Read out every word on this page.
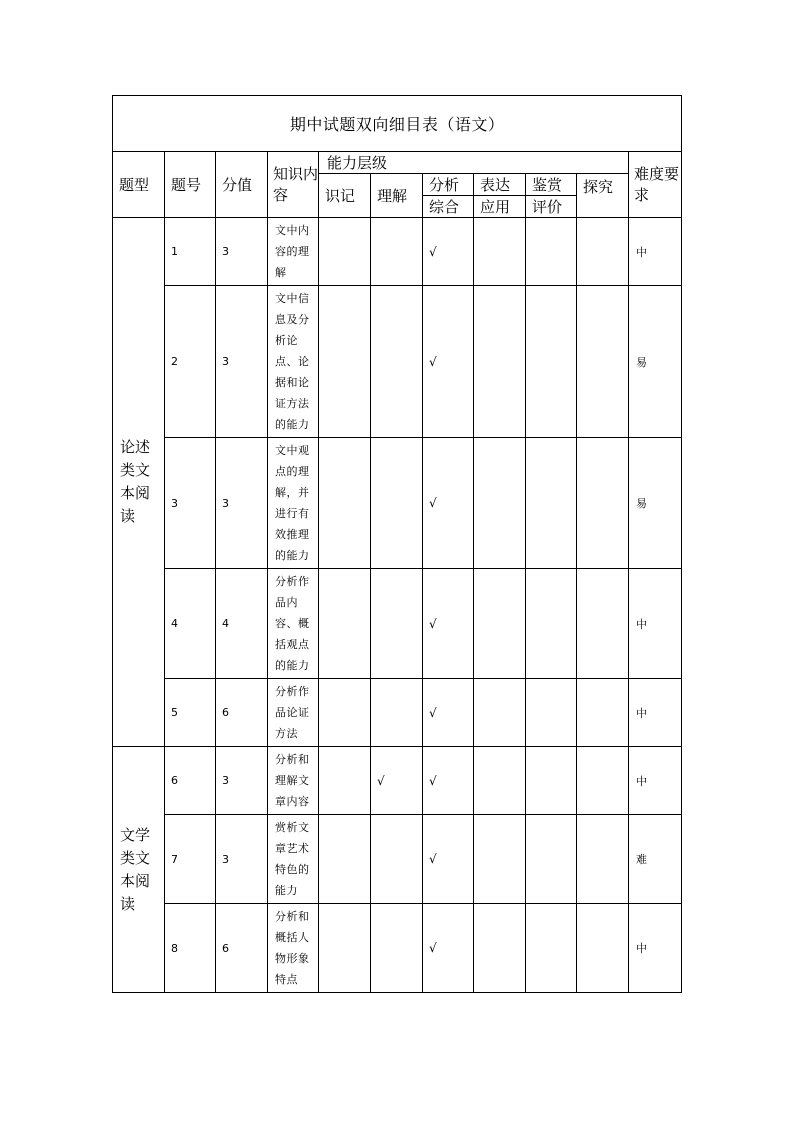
期中试题双向细目表（语文）										
题型	题号	分值	知识内容	能力层级						难度要求
				识记	理解	分析	表达	鉴赏	探究	
						综合	应用	评价		

论述
类文
本阅
读	1	3	文中内容的理解			√				中
	2	3	文中信息及分析论点、论据和论证方法的能力			√				易
	3	3	文中观点的理解，并进行有效推理的能力			√				易
	4	4	分析作品内容、概括观点的能力			√				中
	5	6	分析作品论证方法			√				中

文学
类文
本阅
读	6	3	分析和理解文章内容		√	√				中
	7	3	赏析文章艺术特色的能力			√				难
	8	6	分析和概括人物形象特点			√				中
